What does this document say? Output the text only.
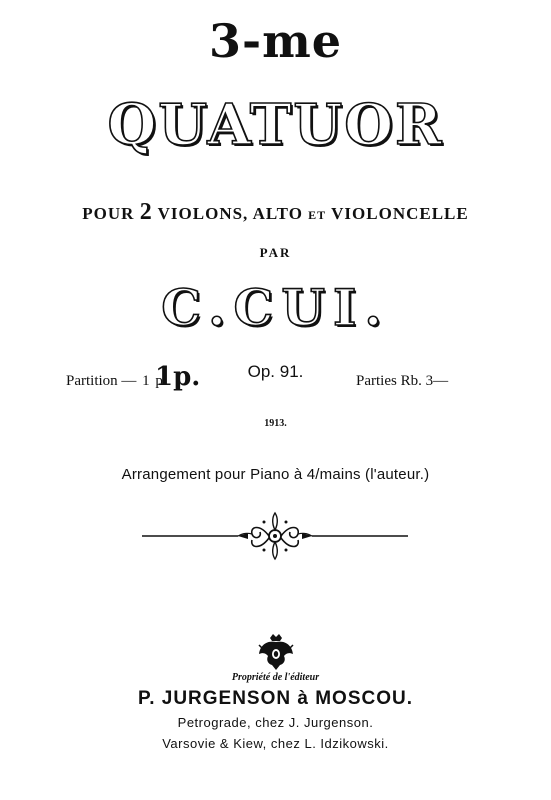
3-me
QUATUOR
POUR 2 VIOLONS, ALTO ET VIOLONCELLE
PAR
C.CUI.
Partition — 1 р.
1p.	Op. 91.	Parties Rb. 3—
1913.
Arrangement pour Piano à 4/mains (l'auteur.)
Propriété de l'éditeur
P. JURGENSON à MOSCOU.
Petrograde, chez J. Jurgenson.
Varsovie & Kiew, chez L. Idzikowski.
